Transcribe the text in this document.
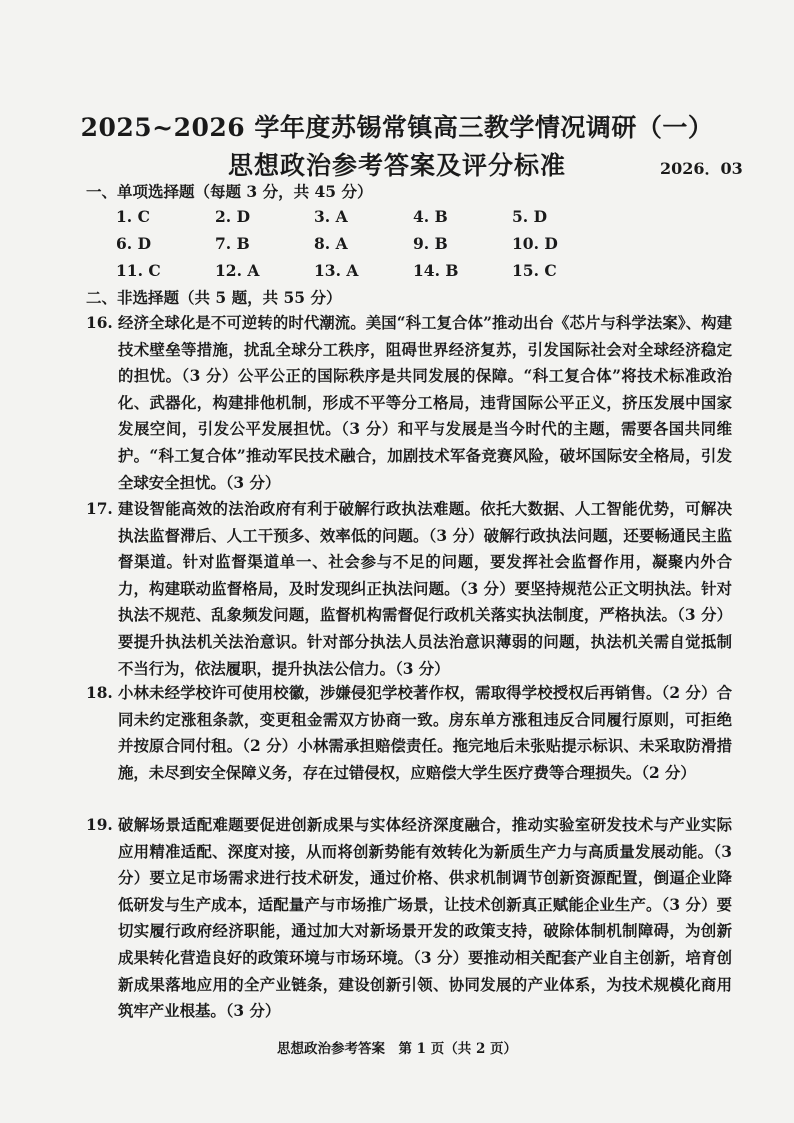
2025~2026 学年度苏锡常镇高三教学情况调研（一）
思想政治参考答案及评分标准	2026．03
一、单项选择题（每题 3 分，共 45 分）
1. C	2. D	3. A	4. B	5. D
6. D	7. B	8. A	9. B	10. D
11. C	12. A	13. A	14. B	15. C
二、非选择题（共 5 题，共 55 分）
16. 经济全球化是不可逆转的时代潮流。美国“科工复合体”推动出台《芯片与科学法案》、构建技术壁垒等措施，扰乱全球分工秩序，阻碍世界经济复苏，引发国际社会对全球经济稳定的担忧。（3 分）公平公正的国际秩序是共同发展的保障。“科工复合体”将技术标准政治化、武器化，构建排他机制，形成不平等分工格局，违背国际公平正义，挤压发展中国家发展空间，引发公平发展担忧。（3 分）和平与发展是当今时代的主题，需要各国共同维护。“科工复合体”推动军民技术融合，加剧技术军备竞赛风险，破坏国际安全格局，引发全球安全担忧。（3 分）
17. 建设智能高效的法治政府有利于破解行政执法难题。依托大数据、人工智能优势，可解决执法监督滞后、人工干预多、效率低的问题。（3 分）破解行政执法问题，还要畅通民主监督渠道。针对监督渠道单一、社会参与不足的问题，要发挥社会监督作用，凝聚内外合力，构建联动监督格局，及时发现纠正执法问题。（3 分）要坚持规范公正文明执法。针对执法不规范、乱象频发问题，监督机构需督促行政机关落实执法制度，严格执法。（3 分）要提升执法机关法治意识。针对部分执法人员法治意识薄弱的问题，执法机关需自觉抵制不当行为，依法履职，提升执法公信力。（3 分）
18. 小林未经学校许可使用校徽，涉嫌侵犯学校著作权，需取得学校授权后再销售。（2 分）合同未约定涨租条款，变更租金需双方协商一致。房东单方涨租违反合同履行原则，可拒绝并按原合同付租。（2 分）小林需承担赔偿责任。拖完地后未张贴提示标识、未采取防滑措施，未尽到安全保障义务，存在过错侵权，应赔偿大学生医疗费等合理损失。（2 分）
19. 破解场景适配难题要促进创新成果与实体经济深度融合，推动实验室研发技术与产业实际应用精准适配、深度对接，从而将创新势能有效转化为新质生产力与高质量发展动能。（3 分）要立足市场需求进行技术研发，通过价格、供求机制调节创新资源配置，倒逼企业降低研发与生产成本，适配量产与市场推广场景，让技术创新真正赋能企业生产。（3 分）要切实履行政府经济职能，通过加大对新场景开发的政策支持，破除体制机制障碍，为创新成果转化营造良好的政策环境与市场环境。（3 分）要推动相关配套产业自主创新，培育创新成果落地应用的全产业链条，建设创新引领、协同发展的产业体系，为技术规模化商用筑牢产业根基。（3 分）
思想政治参考答案　第 1 页（共 2 页）
